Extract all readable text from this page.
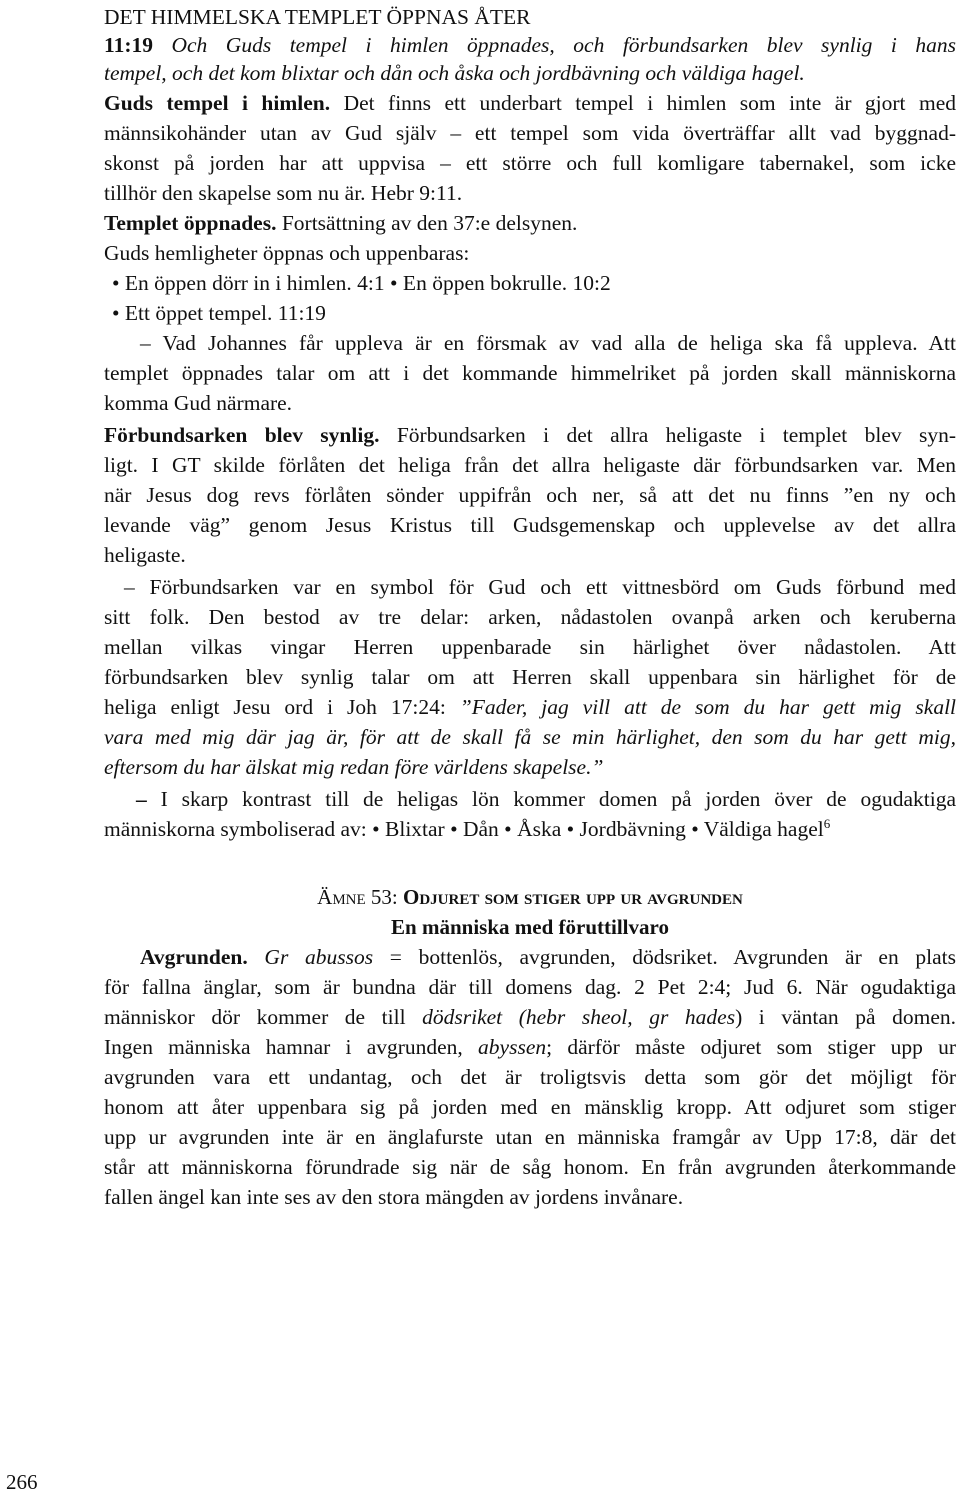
DET HIMMELSKA TEMPLET ÖPPNAS ÅTER
11:19 Och Guds tempel i himlen öppnades, och förbundsarken blev synlig i hans
tempel, och det kom blixtar och dån och åska och jordbävning och väldiga hagel.
Guds tempel i himlen. Det finns ett underbart tempel i himlen som inte är gjort med
männsikohänder utan av Gud själv – ett tempel som vida överträffar allt vad byggnad-
skonst på jorden har att uppvisa – ett större och full komligare tabernakel, som icke
tillhör den skapelse som nu är. Hebr 9:11.
Templet öppnades. Fortsättning av den 37:e delsynen.
Guds hemligheter öppnas och uppenbaras:
• En öppen dörr in i himlen. 4:1 • En öppen bokrulle. 10:2
• Ett öppet tempel. 11:19
– Vad Johannes får uppleva är en försmak av vad alla de heliga ska få uppleva. Att
templet öppnades talar om att i det kommande himmelriket på jorden skall människorna
komma Gud närmare.
Förbundsarken blev synlig. Förbundsarken i det allra heligaste i templet blev syn-
ligt. I GT skilde förlåten det heliga från det allra heligaste där förbundsarken var. Men
när Jesus dog revs förlåten sönder uppifrån och ner, så att det nu finns ”en ny och
levande väg” genom Jesus Kristus till Gudsgemenskap och upplevelse av det allra
heligaste.
– Förbundsarken var en symbol för Gud och ett vittnesbörd om Guds förbund med
sitt folk. Den bestod av tre delar: arken, nådastolen ovanpå arken och keruberna
mellan vilkas vingar Herren uppenbarade sin härlighet över nådastolen. Att
förbundsarken blev synlig talar om att Herren skall uppenbara sin härlighet för de
heliga enligt Jesu ord i Joh 17:24: ”Fader, jag vill att de som du har gett mig skall
vara med mig där jag är, för att de skall få se min härlighet, den som du har gett mig,
eftersom du har älskat mig redan före världens skapelse.”
– I skarp kontrast till de heligas lön kommer domen på jorden över de ogudaktiga
människorna symboliserad av: • Blixtar • Dån • Åska • Jordbävning • Väldiga hagel$^6$
Ämne 53: Odjuret som stiger upp ur avgrunden
En människa med föruttillvaro
Avgrunden. Gr abussos = bottenlös, avgrunden, dödsriket. Avgrunden är en plats
för fallna änglar, som är bundna där till domens dag. 2 Pet 2:4; Jud 6. När ogudaktiga
människor dör kommer de till dödsriket (hebr sheol, gr hades) i väntan på domen.
Ingen människa hamnar i avgrunden, abyssen; därför måste odjuret som stiger upp ur
avgrunden vara ett undantag, och det är troligtsvis detta som gör det möjligt för
honom att åter uppenbara sig på jorden med en mänsklig kropp. Att odjuret som stiger
upp ur avgrunden inte är en änglafurste utan en människa framgår av Upp 17:8, där det
står att människorna förundrade sig när de såg honom. En från avgrunden återkommande
fallen ängel kan inte ses av den stora mängden av jordens invånare.
266
